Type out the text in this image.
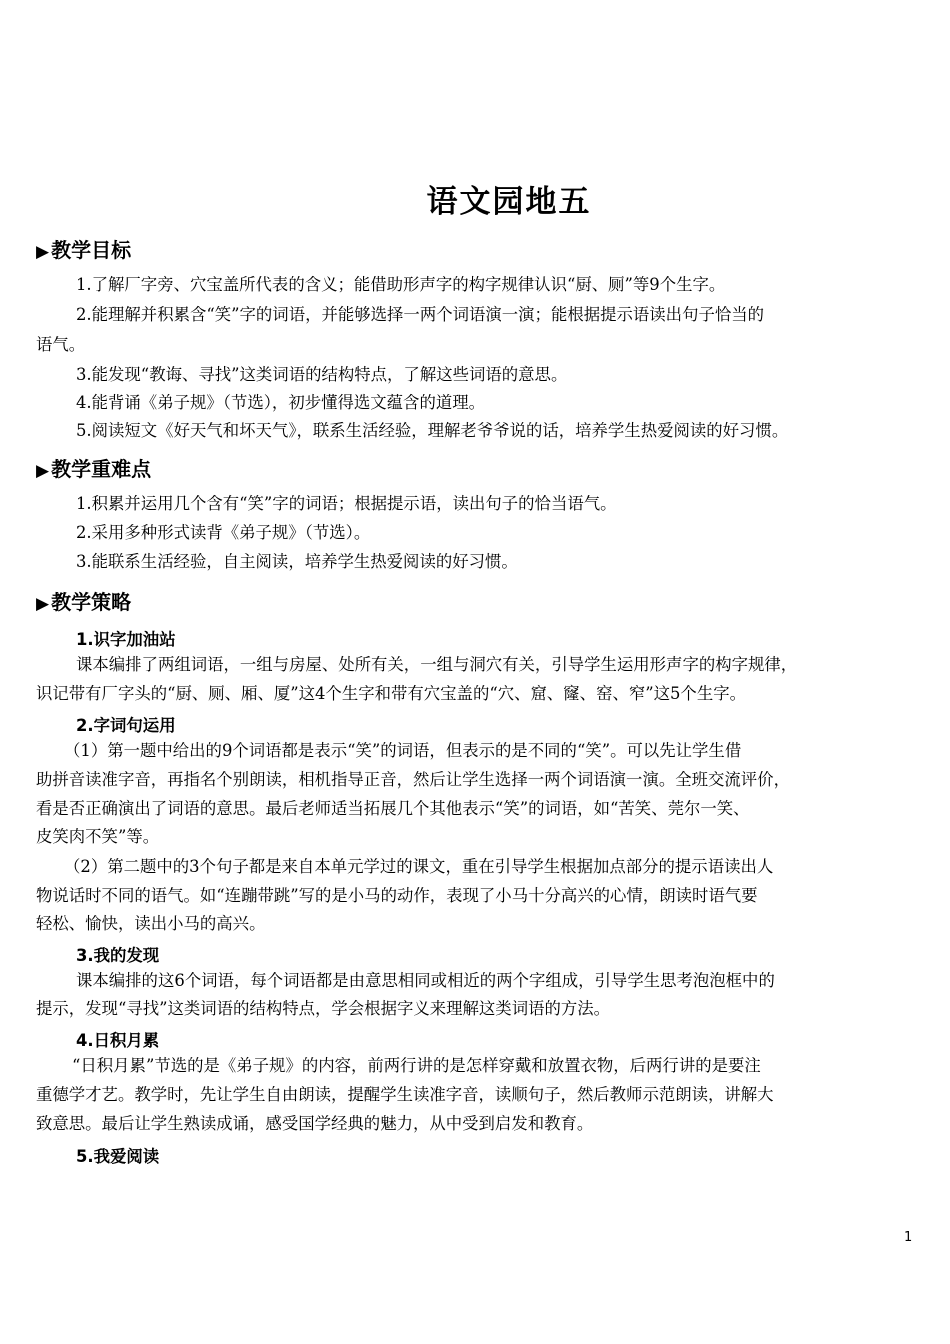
语文园地五
▶ 教学目标
1.了解厂字旁、穴宝盖所代表的含义；能借助形声字的构字规律认识“厨、厕”等9个生字。
2.能理解并积累含“笑”字的词语，并能够选择一两个词语演一演；能根据提示语读出句子恰当的
语气。
3.能发现“教诲、寻找”这类词语的结构特点，了解这些词语的意思。
4.能背诵《弟子规》（节选），初步懂得选文蕴含的道理。
5.阅读短文《好天气和坏天气》，联系生活经验，理解老爷爷说的话，培养学生热爱阅读的好习惯。
▶ 教学重难点
1.积累并运用几个含有“笑”字的词语；根据提示语，读出句子的恰当语气。
2.采用多种形式读背《弟子规》（节选）。
3.能联系生活经验，自主阅读，培养学生热爱阅读的好习惯。
▶ 教学策略
1.识字加油站
课本编排了两组词语，一组与房屋、处所有关，一组与洞穴有关，引导学生运用形声字的构字规律，
识记带有厂字头的“厨、厕、厢、厦”这4个生字和带有穴宝盖的“穴、窟、窿、窑、窄”这5个生字。
2.字词句运用
（1）第一题中给出的9个词语都是表示“笑”的词语，但表示的是不同的“笑”。可以先让学生借
助拼音读准字音，再指名个别朗读，相机指导正音，然后让学生选择一两个词语演一演。全班交流评价，
看是否正确演出了词语的意思。最后老师适当拓展几个其他表示“笑”的词语，如“苦笑、莞尔一笑、
皮笑肉不笑”等。
（2）第二题中的3个句子都是来自本单元学过的课文，重在引导学生根据加点部分的提示语读出人
物说话时不同的语气。如“连蹦带跳”写的是小马的动作，表现了小马十分高兴的心情，朗读时语气要
轻松、愉快，读出小马的高兴。
3.我的发现
课本编排的这6个词语，每个词语都是由意思相同或相近的两个字组成，引导学生思考泡泡框中的
提示，发现“寻找”这类词语的结构特点，学会根据字义来理解这类词语的方法。
4.日积月累
“日积月累”节选的是《弟子规》的内容，前两行讲的是怎样穿戴和放置衣物，后两行讲的是要注
重德学才艺。教学时，先让学生自由朗读，提醒学生读准字音，读顺句子，然后教师示范朗读，讲解大
致意思。最后让学生熟读成诵，感受国学经典的魅力，从中受到启发和教育。
5.我爱阅读
1
